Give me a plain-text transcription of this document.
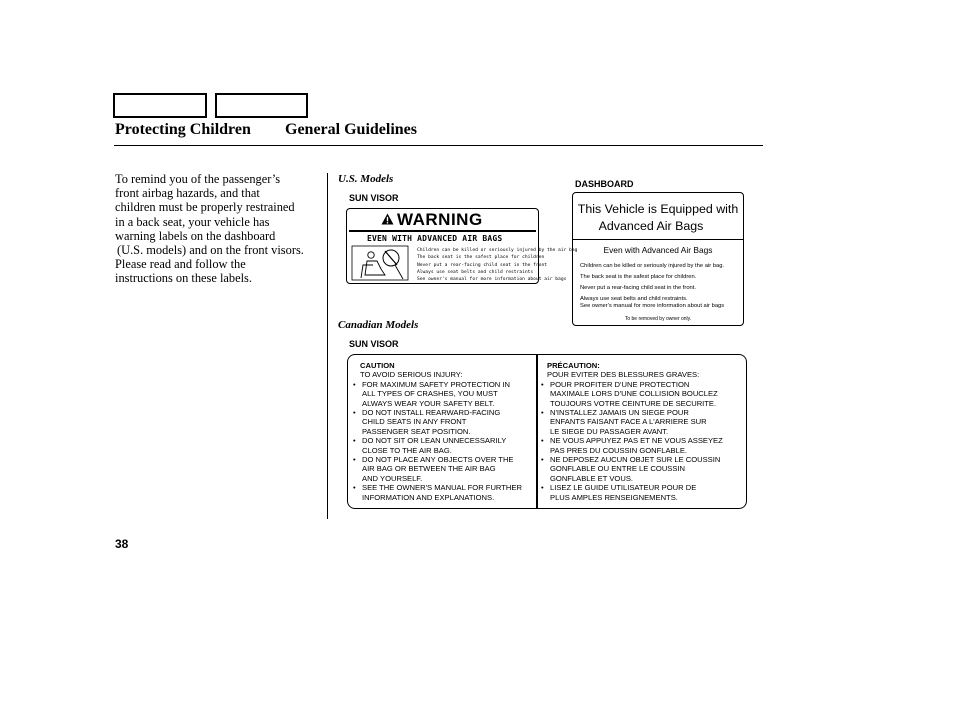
Protecting Children General Guidelines
To remind you of the passenger’s
front airbag hazards, and that
children must be properly restrained
in a back seat, your vehicle has
warning labels on the dashboard
(U.S. models) and on the front visors.
Please read and follow the
instructions on these labels.
U.S. Models
SUN VISOR
DASHBOARD
WARNING
EVEN WITH ADVANCED AIR BAGS
Children can be killed or seriously injured by the air bag
The back seat is the safest place for children
Never put a rear-facing child seat in the front
Always use seat belts and child restraints
See owner's manual for more information about air bags
This Vehicle is Equipped with
Advanced Air Bags
Even with Advanced Air Bags
Children can be killed or seriously injured by the air bag.
The back seat is the safest place for children.
Never put a rear-facing child seat in the front.
Always use seat belts and child restraints.
See owner's manual for more information about air bags
To be removed by owner only.
Canadian Models
SUN VISOR
CAUTION
TO AVOID SERIOUS INJURY:
• FOR MAXIMUM SAFETY PROTECTION IN
ALL TYPES OF CRASHES, YOU MUST
ALWAYS WEAR YOUR SAFETY BELT.
• DO NOT INSTALL REARWARD-FACING
CHILD SEATS IN ANY FRONT
PASSENGER SEAT POSITION.
• DO NOT SIT OR LEAN UNNECESSARILY
CLOSE TO THE AIR BAG.
• DO NOT PLACE ANY OBJECTS OVER THE
AIR BAG OR BETWEEN THE AIR BAG
AND YOURSELF.
• SEE THE OWNER'S MANUAL FOR FURTHER
INFORMATION AND EXPLANATIONS.
PRÉCAUTION:
POUR EVITER DES BLESSURES GRAVES:
• POUR PROFITER D'UNE PROTECTION
MAXIMALE LORS D'UNE COLLISION BOUCLEZ
TOUJOURS VOTRE CEINTURE DE SECURITE.
• N'INSTALLEZ JAMAIS UN SIEGE POUR
ENFANTS FAISANT FACE A L'ARRIERE SUR
LE SIEGE DU PASSAGER AVANT.
• NE VOUS APPUYEZ PAS ET NE VOUS ASSEYEZ
PAS PRES DU COUSSIN GONFLABLE.
• NE DEPOSEZ AUCUN OBJET SUR LE COUSSIN
GONFLABLE OU ENTRE LE COUSSIN
GONFLABLE ET VOUS.
• LISEZ LE GUIDE UTILISATEUR POUR DE
PLUS AMPLES RENSEIGNEMENTS.
38
